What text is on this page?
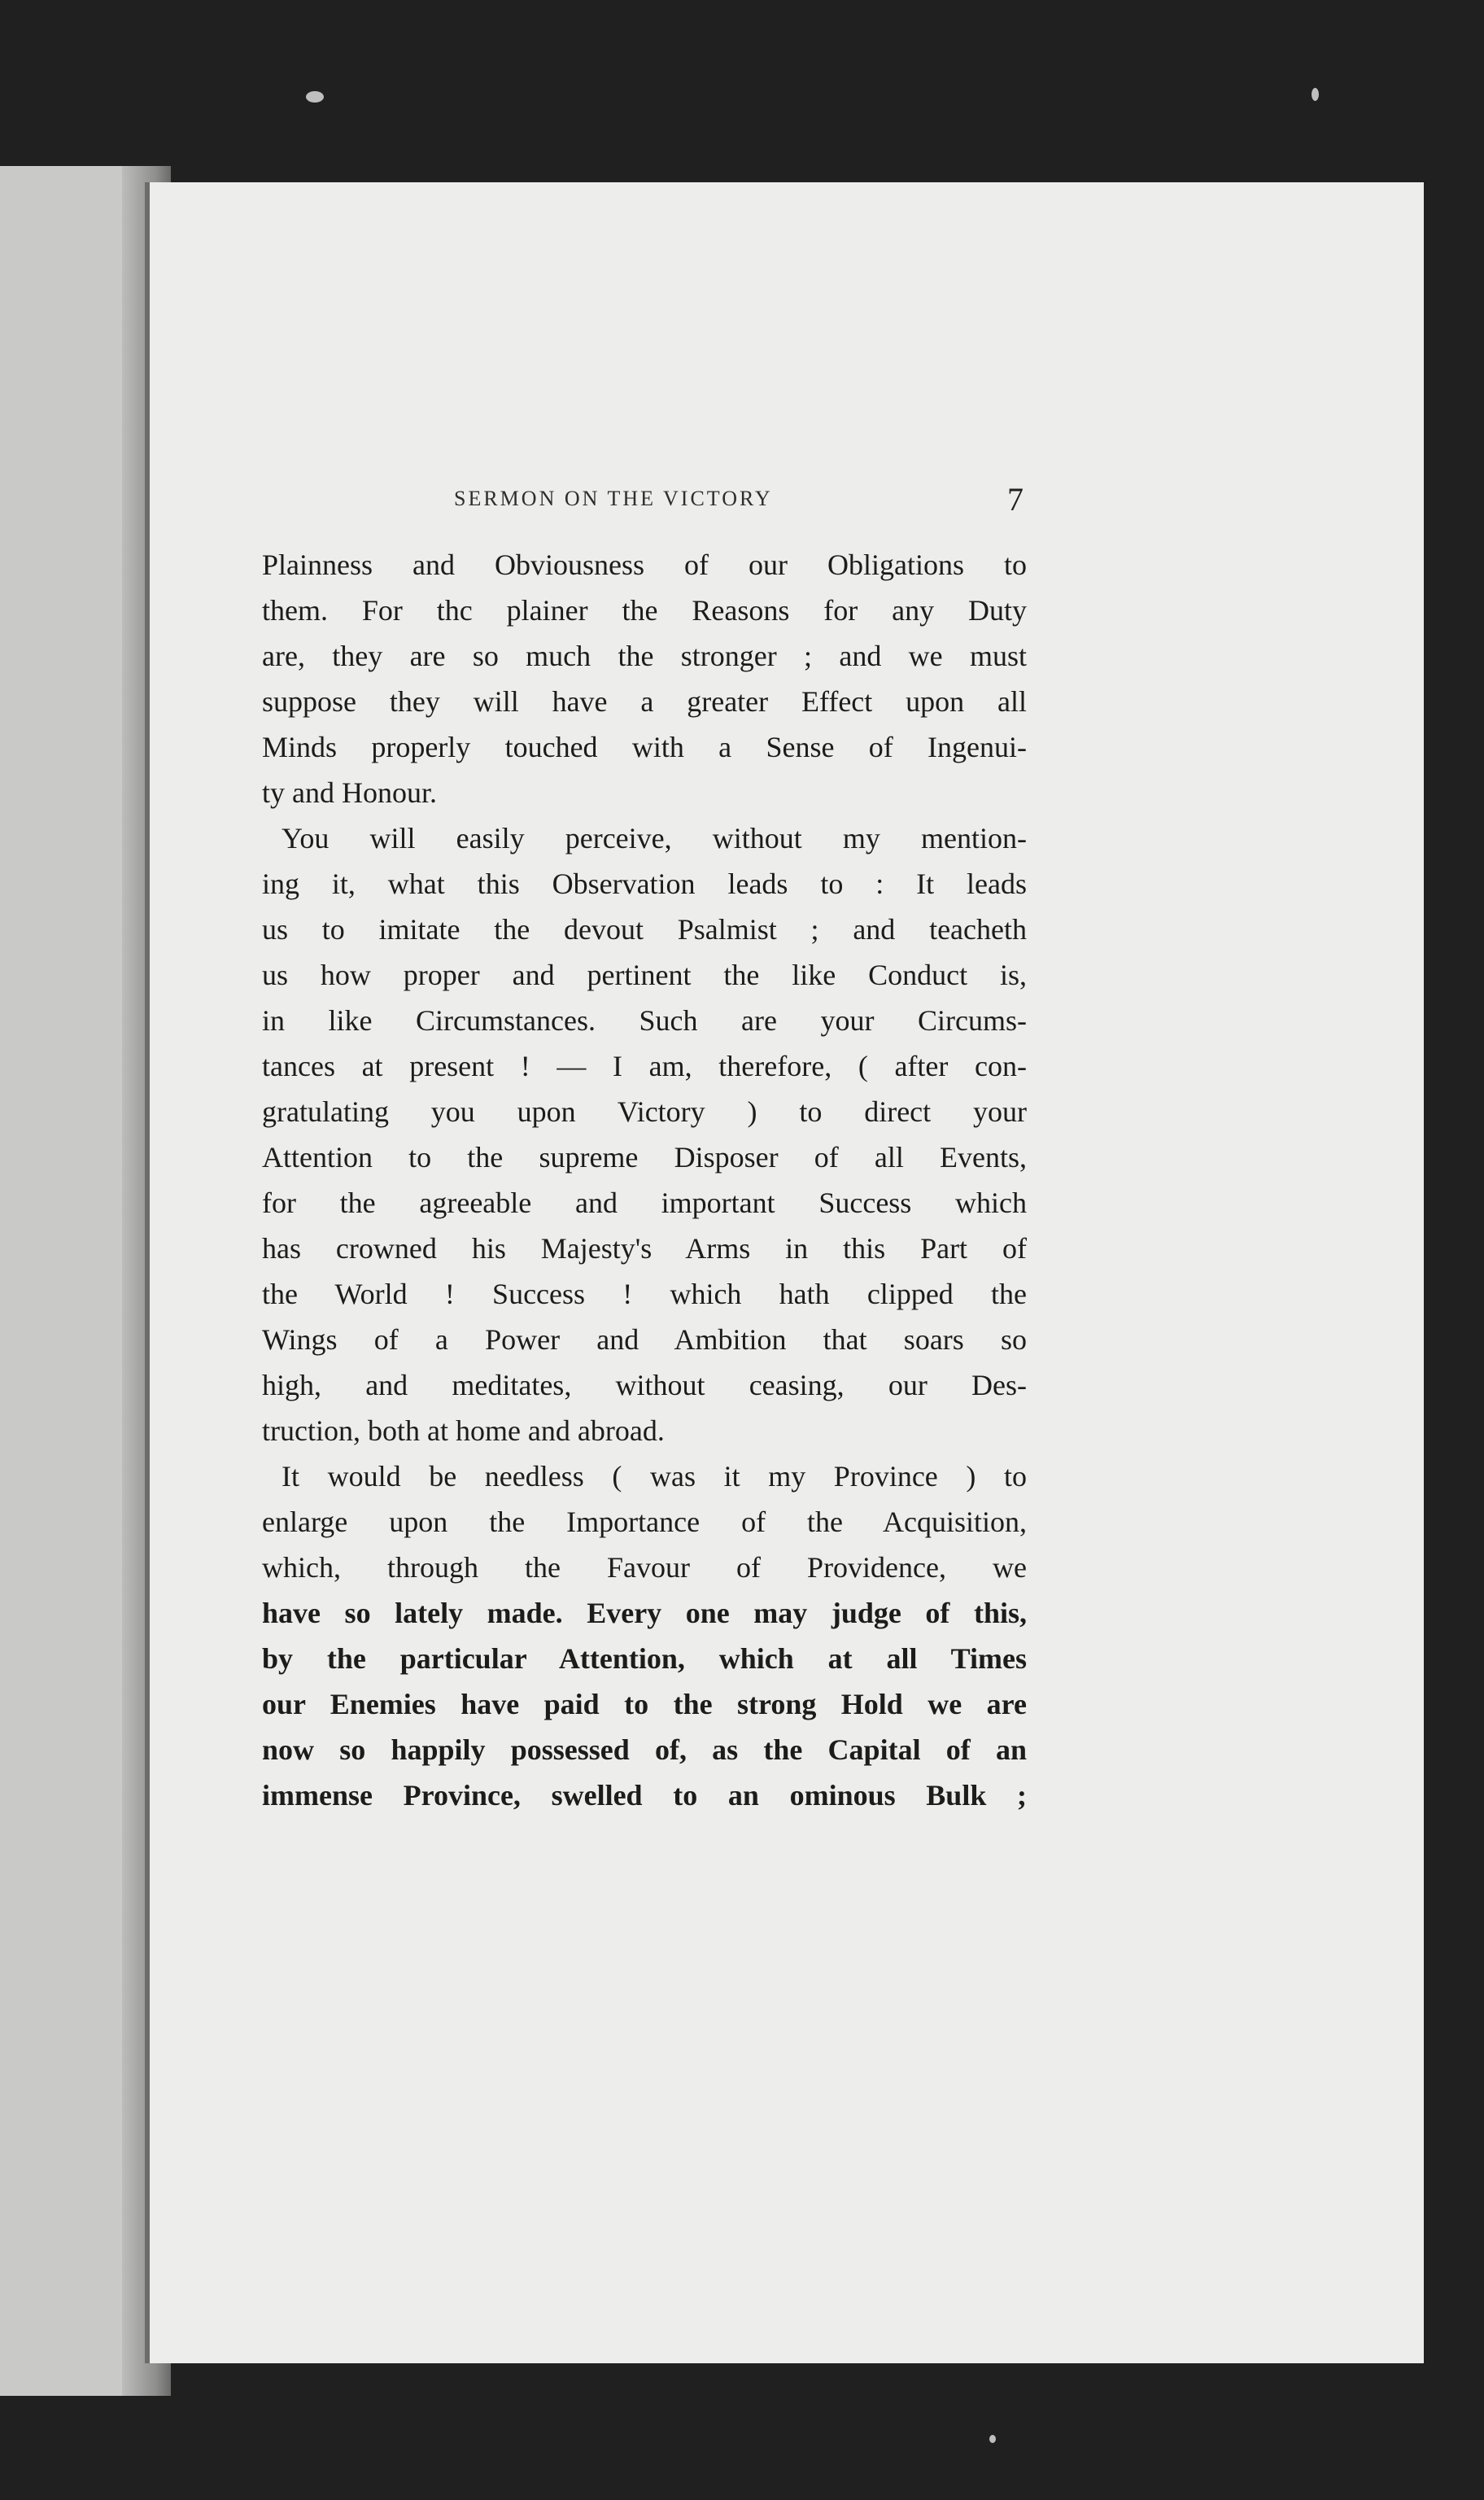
SERMON ON THE VICTORY	7
Plainness and Obviousness of our Obligations to
them. For thc plainer the Reasons for any Duty
are, they are so much the stronger ; and we must
suppose they will have a greater Effect upon all
Minds properly touched with a Sense of Ingenui-
ty and Honour.
You will easily perceive, without my mention-
ing it, what this Observation leads to : It leads
us to imitate the devout Psalmist ; and teacheth
us how proper and pertinent the like Conduct is,
in like Circumstances. Such are your Circums-
tances at present ! — I am, therefore, ( after con-
gratulating you upon Victory ) to direct your
Attention to the supreme Disposer of all Events,
for the agreeable and important Success which
has crowned his Majesty's Arms in this Part of
the World ! Success ! which hath clipped the
Wings of a Power and Ambition that soars so
high, and meditates, without ceasing, our Des-
truction, both at home and abroad.
It would be needless ( was it my Province ) to
enlarge upon the Importance of the Acquisition,
which, through the Favour of Providence, we
have so lately made. Every one may judge of this,
by the particular Attention, which at all Times
our Enemies have paid to the strong Hold we are
now so happily possessed of, as the Capital of an
immense Province, swelled to an ominous Bulk ;
